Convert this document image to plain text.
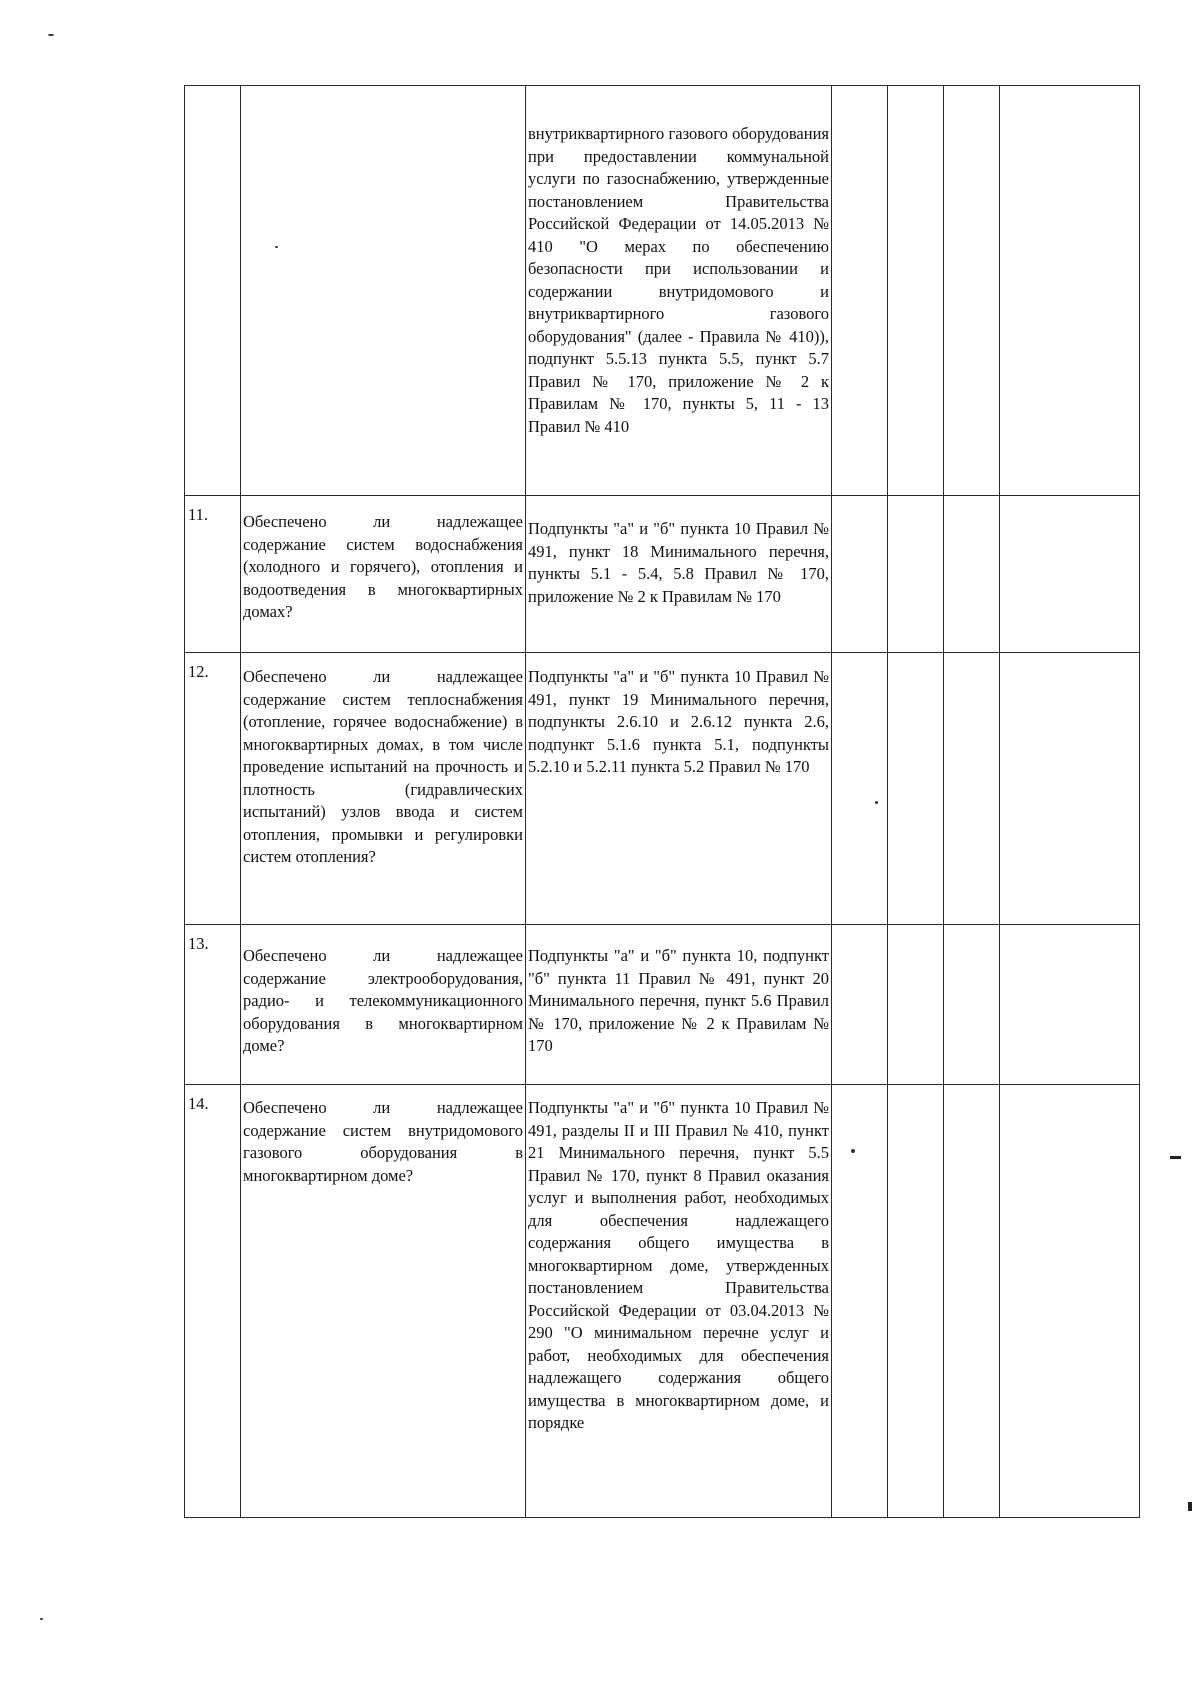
		внутриквартирного газового оборудования при предоставлении коммунальной услуги по газоснабжению, утвержденные постановлением Правительства Российской Федерации от 14.05.2013 № 410 "О мерах по обеспечению безопасности при использовании и содержании внутридомового и внутриквартирного газового оборудования" (далее - Правила № 410)), подпункт 5.5.13 пункта 5.5, пункт 5.7 Правил № 170, приложение № 2 к Правилам № 170, пункты 5, 11 - 13 Правил № 410				
11.	Обеспечено ли надлежащее содержание систем водоснабжения (холодного и горячего), отопления и водоотведения в многоквартирных домах?	Подпункты "а" и "б" пункта 10 Правил № 491, пункт 18 Минимального перечня, пункты 5.1 - 5.4, 5.8 Правил № 170, приложение № 2 к Правилам № 170				
12.	Обеспечено ли надлежащее содержание систем теплоснабжения (отопление, горячее водоснабжение) в многоквартирных домах, в том числе проведение испытаний на прочность и плотность (гидравлических испытаний) узлов ввода и систем отопления, промывки и регулировки систем отопления?	Подпункты "а" и "б" пункта 10 Правил № 491, пункт 19 Минимального перечня, подпункты 2.6.10 и 2.6.12 пункта 2.6, подпункт 5.1.6 пункта 5.1, подпункты 5.2.10 и 5.2.11 пункта 5.2 Правил № 170				
13.	Обеспечено ли надлежащее содержание электрооборудования, радио- и телекоммуникационного оборудования в многоквартирном доме?	Подпункты "а" и "б" пункта 10, подпункт "б" пункта 11 Правил № 491, пункт 20 Минимального перечня, пункт 5.6 Правил № 170, приложение № 2 к Правилам № 170				
14.	Обеспечено ли надлежащее содержание систем внутридомового газового оборудования в многоквартирном доме?	Подпункты "а" и "б" пункта 10 Правил № 491, разделы II и III Правил № 410, пункт 21 Минимального перечня, пункт 5.5 Правил № 170, пункт 8 Правил оказания услуг и выполнения работ, необходимых для обеспечения надлежащего содержания общего имущества в многоквартирном доме, утвержденных постановлением Правительства Российской Федерации от 03.04.2013 № 290 "О минимальном перечне услуг и работ, необходимых для обеспечения надлежащего содержания общего имущества в многоквартирном доме, и порядке				
